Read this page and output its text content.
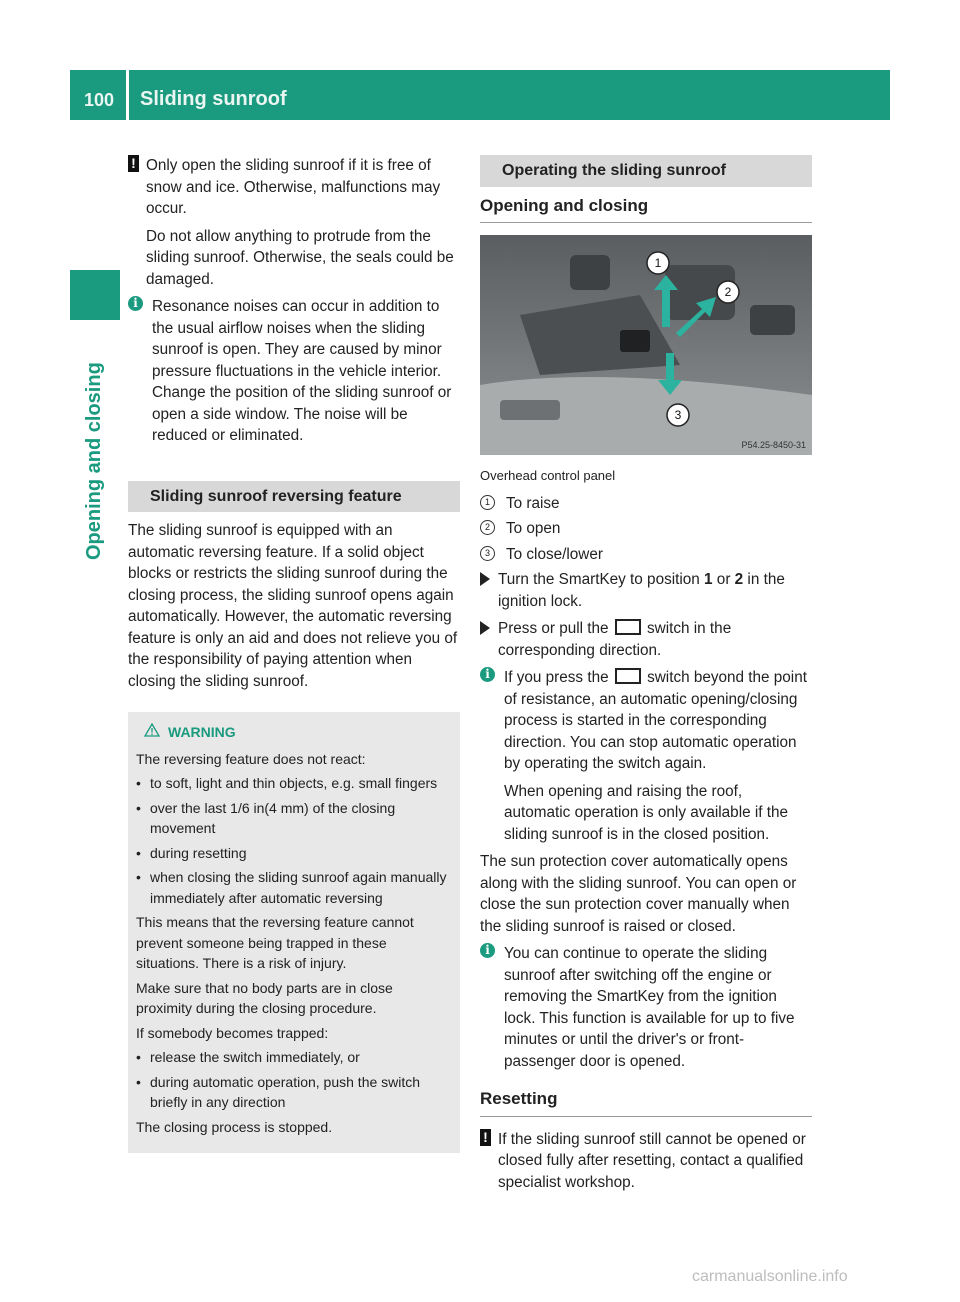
100 Sliding sunroof
Opening and closing
! Only open the sliding sunroof if it is free of snow and ice. Otherwise, malfunctions may occur.

Do not allow anything to protrude from the sliding sunroof. Otherwise, the seals could be damaged.

i Resonance noises can occur in addition to the usual airflow noises when the sliding sunroof is open. They are caused by minor pressure fluctuations in the vehicle interior. Change the position of the sliding sunroof or open a side window. The noise will be reduced or eliminated.

Sliding sunroof reversing feature

The sliding sunroof is equipped with an automatic reversing feature. If a solid object blocks or restricts the sliding sunroof during the closing process, the sliding sunroof opens again automatically. However, the automatic reversing feature is only an aid and does not relieve you of the responsibility of paying attention when closing the sliding sunroof.

WARNING

The reversing feature does not react:

• to soft, light and thin objects, e.g. small fingers
• over the last 1/6 in(4 mm) of the closing movement
• during resetting
• when closing the sliding sunroof again manually immediately after automatic reversing

This means that the reversing feature cannot prevent someone being trapped in these situations. There is a risk of injury.

Make sure that no body parts are in close proximity during the closing procedure.

If somebody becomes trapped:

• release the switch immediately, or
• during automatic operation, push the switch briefly in any direction

The closing process is stopped.

Operating the sliding sunroof
Opening and closing
1
2
3
P54.25-8450-31
Overhead control panel
1	To raise
2	To open
3	To close/lower

Turn the SmartKey to position 1 or 2 in the ignition lock.

Press or pull the  switch in the corresponding direction.

i If you press the  switch beyond the point of resistance, an automatic opening/closing process is started in the corresponding direction. You can stop automatic operation by operating the switch again.

When opening and raising the roof, automatic operation is only available if the sliding sunroof is in the closed position.

The sun protection cover automatically opens along with the sliding sunroof. You can open or close the sun protection cover manually when the sliding sunroof is raised or closed.

i You can continue to operate the sliding sunroof after switching off the engine or removing the SmartKey from the ignition lock. This function is available for up to five minutes or until the driver's or front-passenger door is opened.

Resetting
! If the sliding sunroof still cannot be opened or closed fully after resetting, contact a qualified specialist workshop.

carmanualsonline.info
